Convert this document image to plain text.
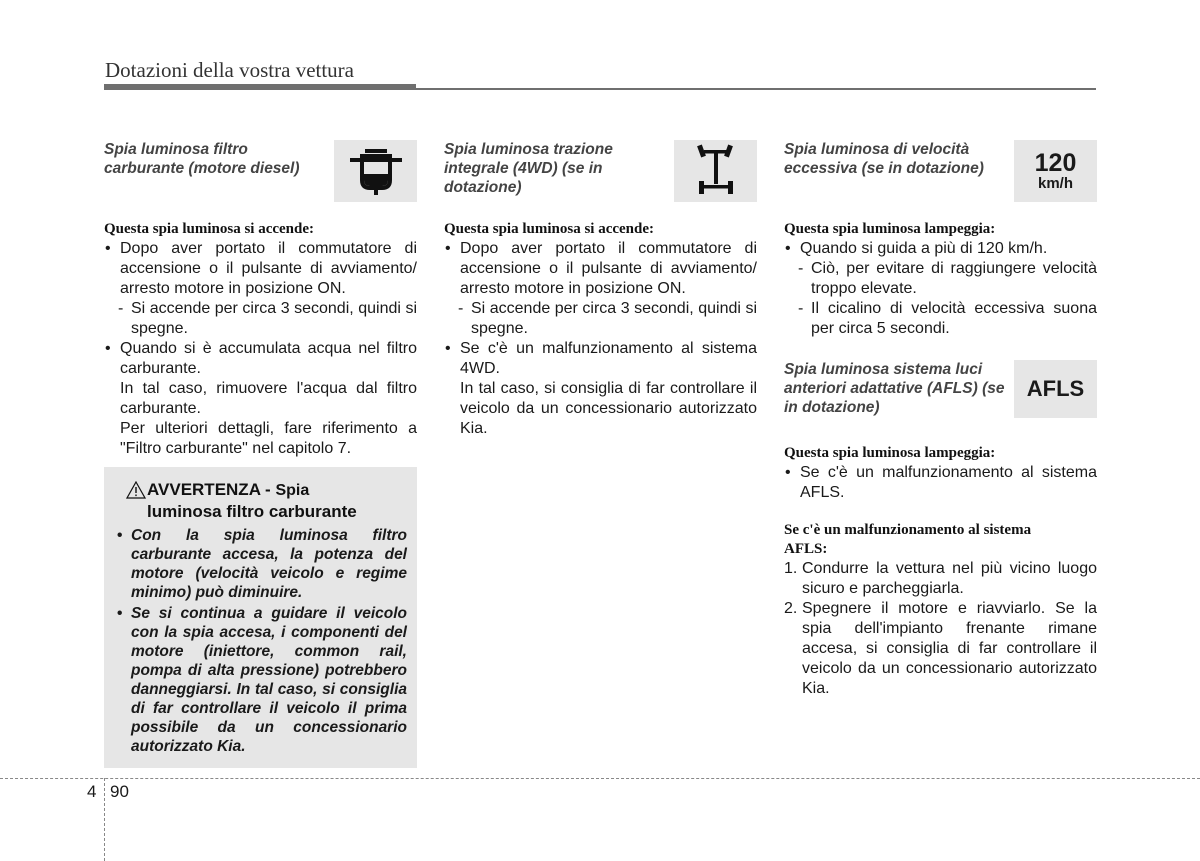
Dotazioni della vostra vettura
Spia luminosa filtro carburante (motore diesel)
Questa spia luminosa si accende:

• Dopo aver portato il commutatore di accensione o il pulsante di avviamento/ arresto motore in posizione ON.

- Si accende per circa 3 secondi, quindi si spegne.

• Quando si è accumulata acqua nel filtro carburante.

In tal caso, rimuovere l'acqua dal filtro carburante.

Per ulteriori dettagli, fare riferimento a "Filtro carburante" nel capitolo 7.

AVVERTENZA - Spia
luminosa filtro carburante
• Con la spia luminosa filtro carburante accesa, la potenza del motore (velocità veicolo e regime minimo) può diminuire.
• Se si continua a guidare il veicolo con la spia accesa, i componenti del motore (iniettore, common rail, pompa di alta pressione) potrebbero danneggiarsi. In tal caso, si consiglia di far controllare il veicolo il prima possibile da un concessionario autorizzato Kia.
Spia luminosa trazione integrale (4WD) (se in dotazione)
Questa spia luminosa si accende:

• Dopo aver portato il commutatore di accensione o il pulsante di avviamento/ arresto motore in posizione ON.

- Si accende per circa 3 secondi, quindi si spegne.

• Se c'è un malfunzionamento al sistema 4WD.

In tal caso, si consiglia di far controllare il veicolo da un concessionario autorizzato Kia.

Spia luminosa di velocità eccessiva (se in dotazione)	120
km/h
Questa spia luminosa lampeggia:

• Quando si guida a più di 120 km/h.

- Ciò, per evitare di raggiungere velocità troppo elevate.

- Il cicalino di velocità eccessiva suona per circa 5 secondi.

Spia luminosa sistema luci anteriori adattative (AFLS) (se in dotazione)
AFLS
Questa spia luminosa lampeggia:

• Se c'è un malfunzionamento al sistema AFLS.

Se c'è un malfunzionamento al sistema AFLS:

1. Condurre la vettura nel più vicino luogo sicuro e parcheggiarla.

2. Spegnere il motore e riavviarlo. Se la spia dell'impianto frenante rimane accesa, si consiglia di far controllare il veicolo da un concessionario autorizzato Kia.

4 90
